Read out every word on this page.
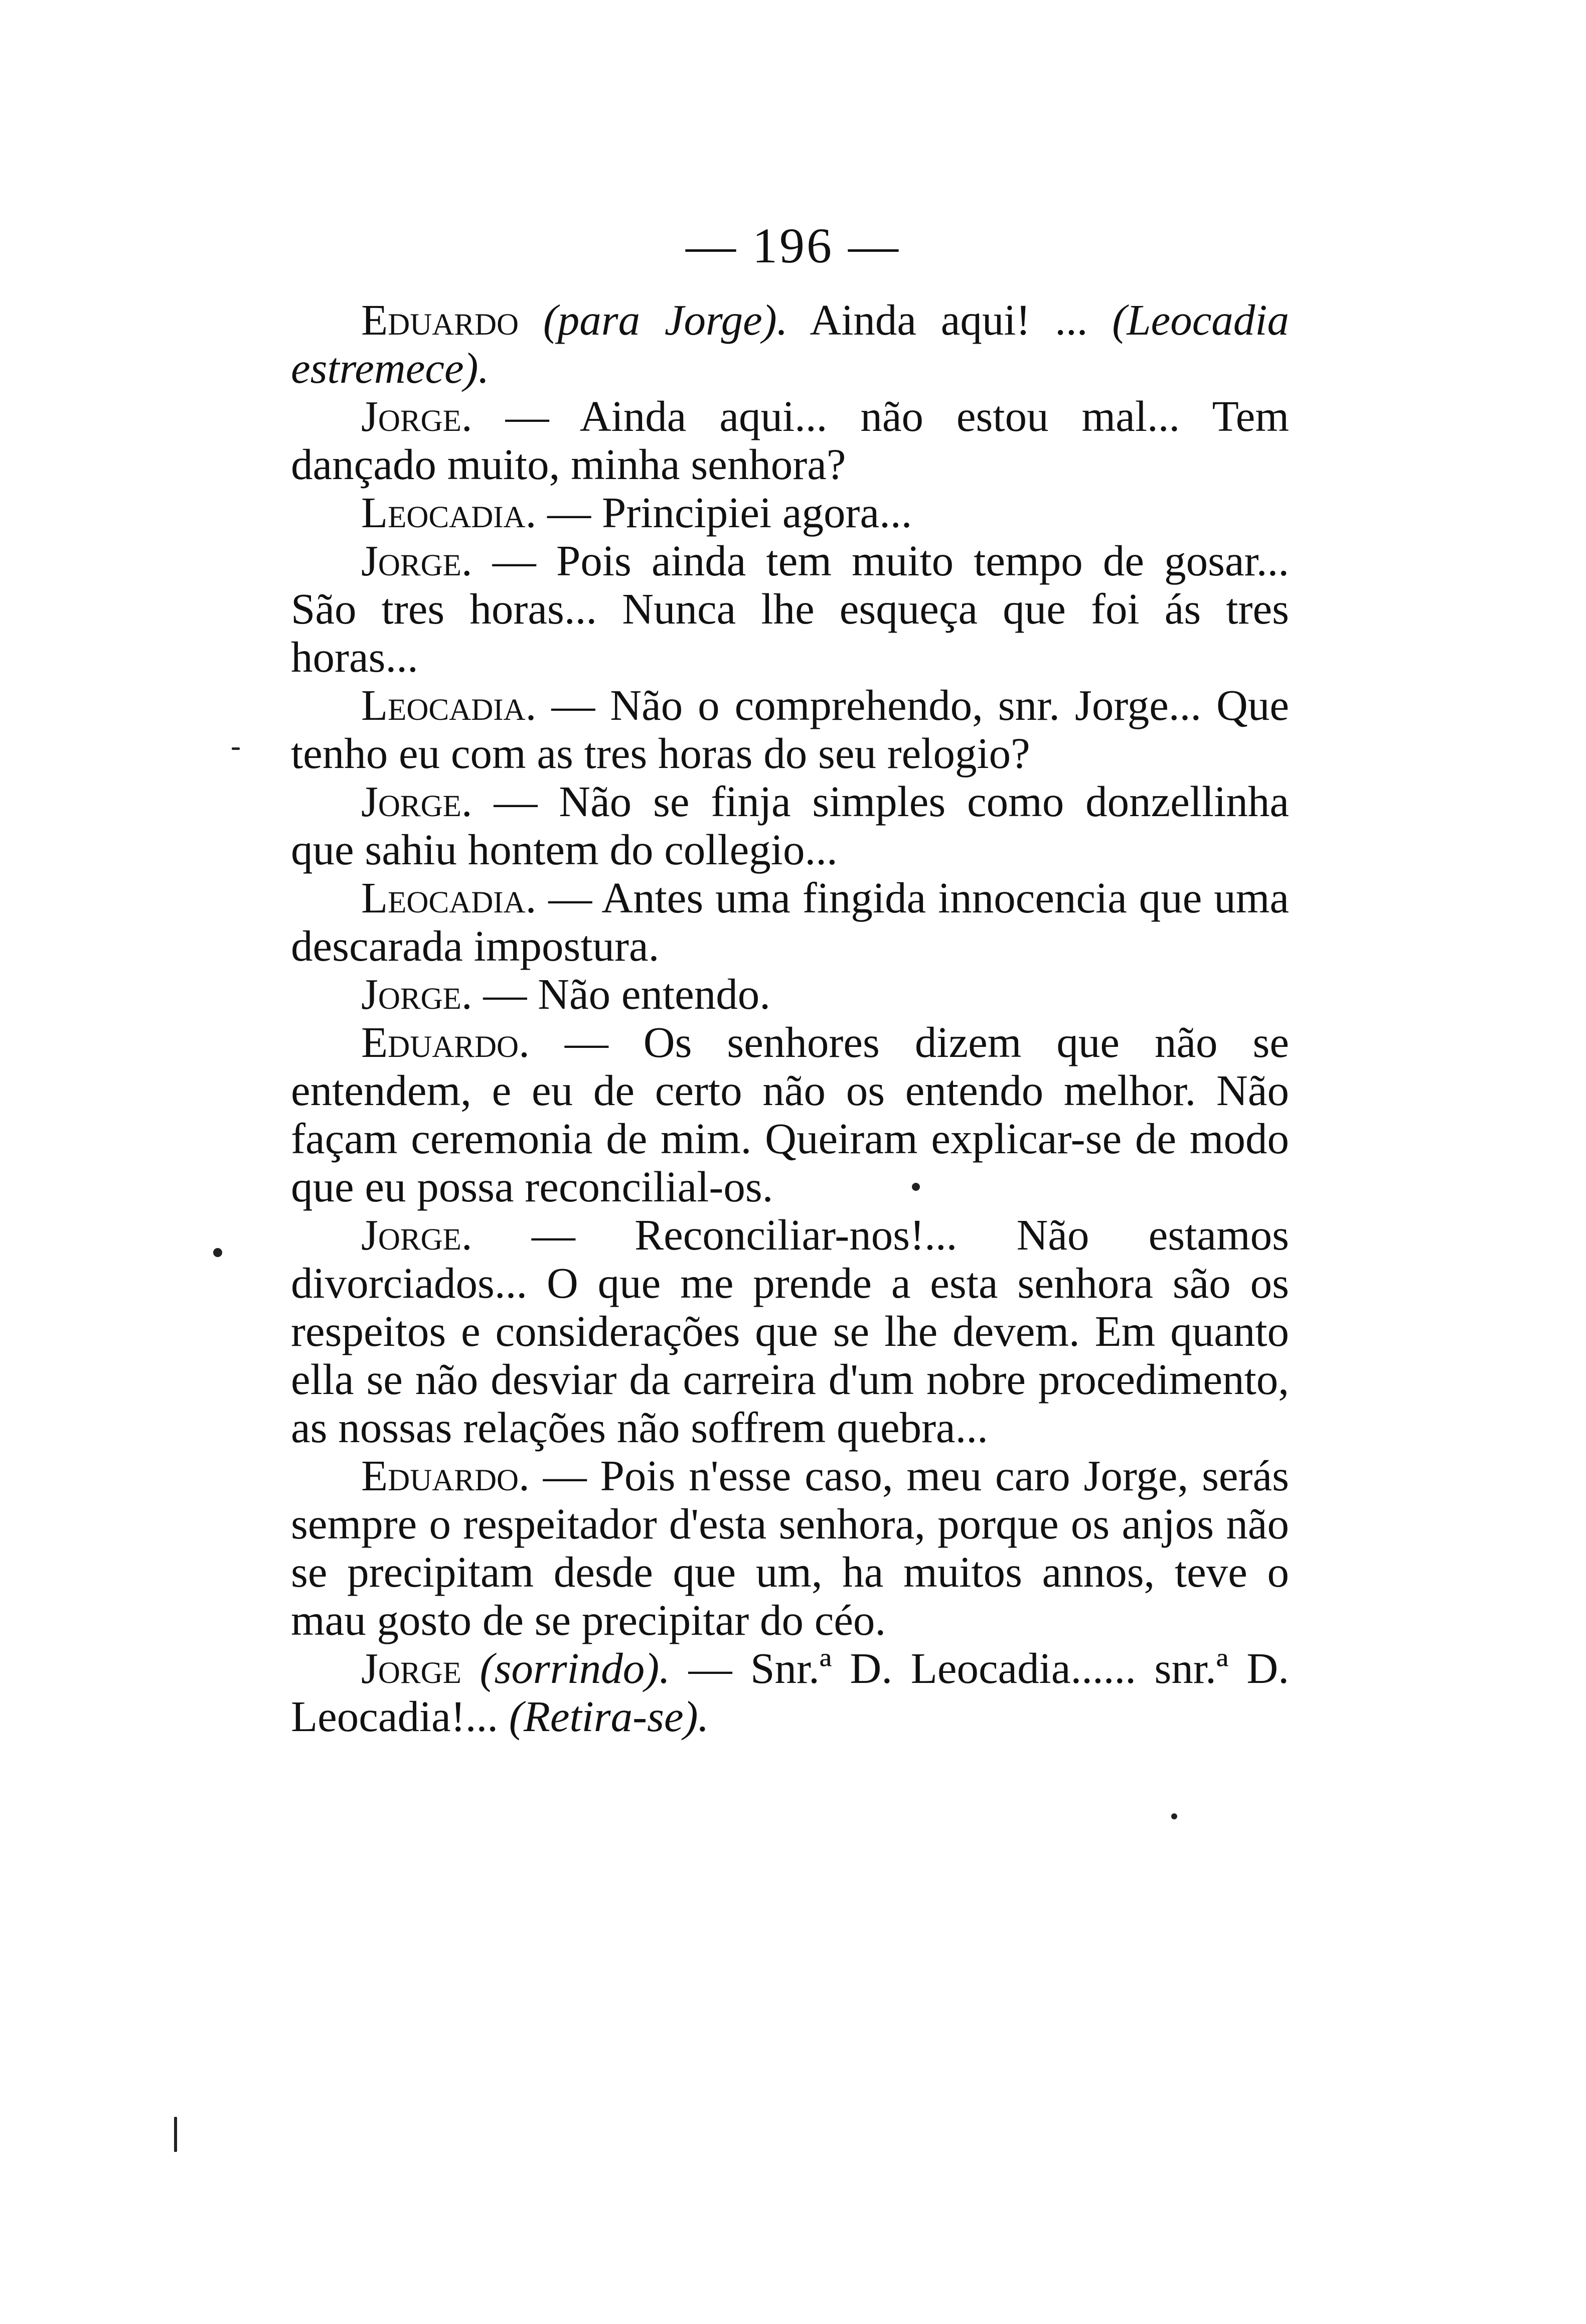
— 196 —

Eduardo (para Jorge). Ainda aqui! ... (Leocadia estremece).

Jorge. — Ainda aqui... não estou mal... Tem dançado muito, minha senhora?

Leocadia. — Principiei agora...

Jorge. — Pois ainda tem muito tempo de gosar... São tres horas... Nunca lhe esqueça que foi ás tres horas...

Leocadia. — Não o comprehendo, snr. Jorge... Que tenho eu com as tres horas do seu relogio?

Jorge. — Não se finja simples como donzellinha que sahiu hontem do collegio...

Leocadia. — Antes uma fingida innocencia que uma descarada impostura.

Jorge. — Não entendo.

Eduardo. — Os senhores dizem que não se entendem, e eu de certo não os entendo melhor. Não façam ceremonia de mim. Queiram explicar-se de modo que eu possa reconcilial-os.

Jorge. — Reconciliar-nos!... Não estamos divorciados... O que me prende a esta senhora são os respeitos e considerações que se lhe devem. Em quanto ella se não desviar da carreira d'um nobre procedimento, as nossas relações não soffrem quebra...

Eduardo. — Pois n'esse caso, meu caro Jorge, serás sempre o respeitador d'esta senhora, porque os anjos não se precipitam desde que um, ha muitos annos, teve o mau gosto de se precipitar do céo.

Jorge (sorrindo). — Snr.ª D. Leocadia...... snr.ª D. Leocadia!... (Retira-se).
